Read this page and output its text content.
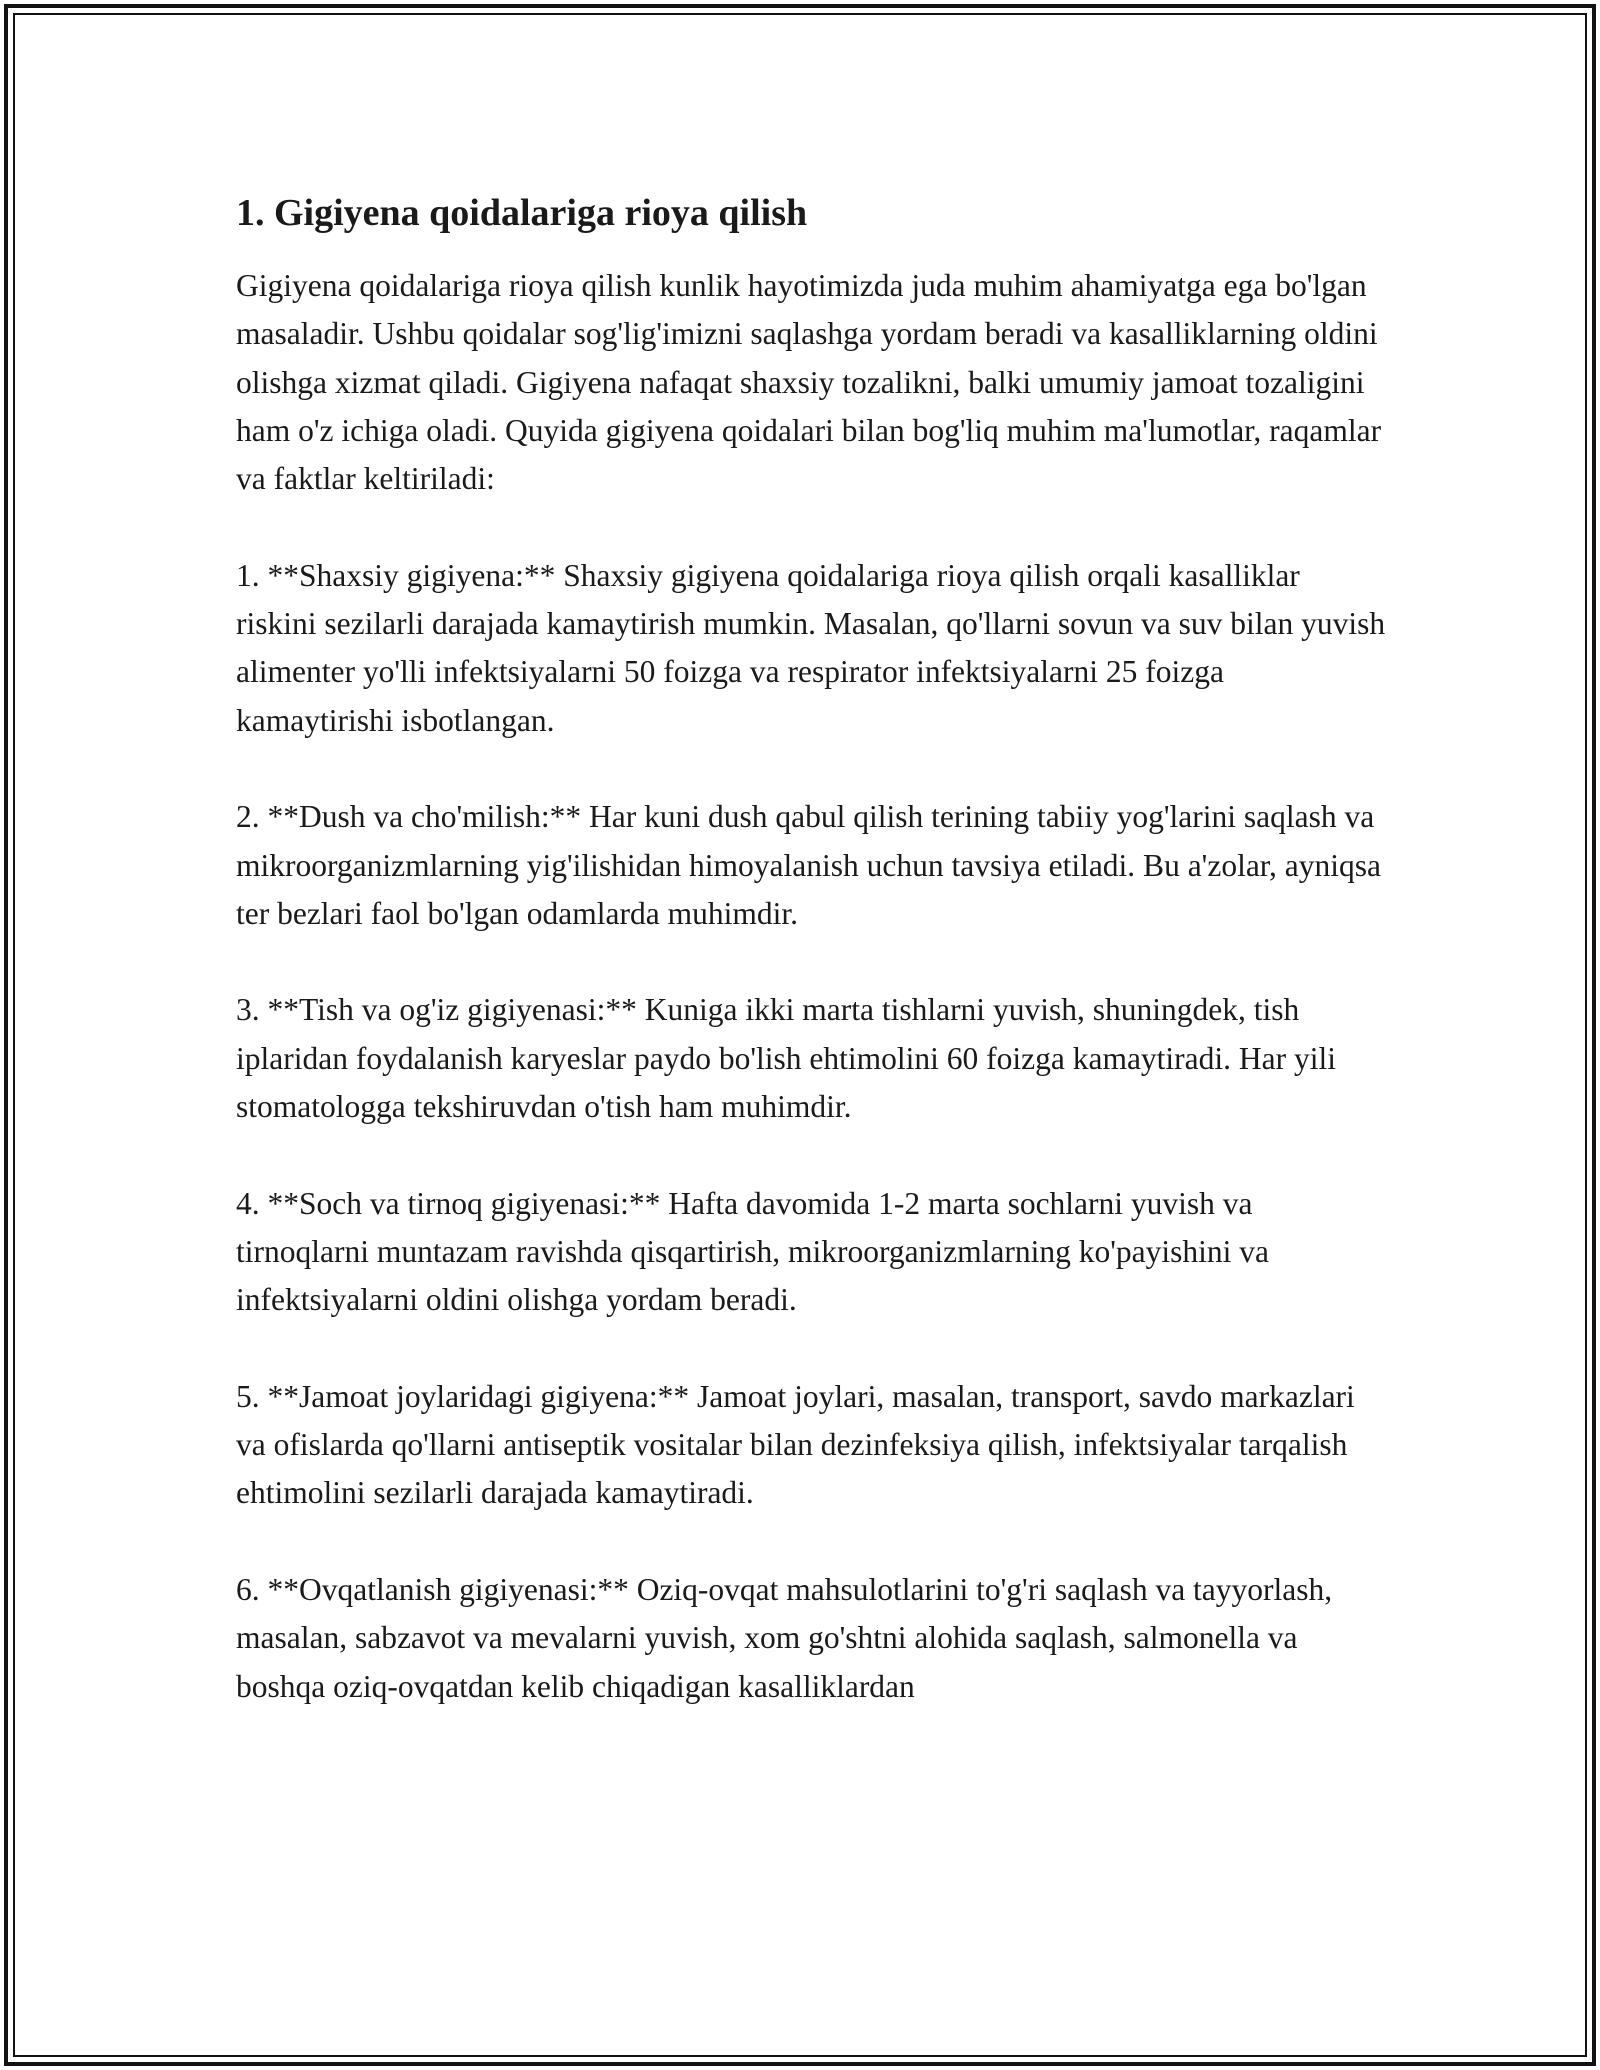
1. Gigiyena qoidalariga rioya qilish

Gigiyena qoidalariga rioya qilish kunlik hayotimizda juda muhim ahamiyatga ega bo'lgan masaladir. Ushbu qoidalar sog'lig'imizni saqlashga yordam beradi va kasalliklarning oldini olishga xizmat qiladi. Gigiyena nafaqat shaxsiy tozalikni, balki umumiy jamoat tozaligini ham o'z ichiga oladi. Quyida gigiyena qoidalari bilan bog'liq muhim ma'lumotlar, raqamlar va faktlar keltiriladi:

1. **Shaxsiy gigiyena:** Shaxsiy gigiyena qoidalariga rioya qilish orqali kasalliklar riskini sezilarli darajada kamaytirish mumkin. Masalan, qo'llarni sovun va suv bilan yuvish alimenter yo'lli infektsiyalarni 50 foizga va respirator infektsiyalarni 25 foizga kamaytirishi isbotlangan.

2. **Dush va cho'milish:** Har kuni dush qabul qilish terining tabiiy yog'larini saqlash va mikroorganizmlarning yig'ilishidan himoyalanish uchun tavsiya etiladi. Bu a'zolar, ayniqsa ter bezlari faol bo'lgan odamlarda muhimdir.

3. **Tish va og'iz gigiyenasi:** Kuniga ikki marta tishlarni yuvish, shuningdek, tish iplaridan foydalanish karyeslar paydo bo'lish ehtimolini 60 foizga kamaytiradi. Har yili stomatologga tekshiruvdan o'tish ham muhimdir.

4. **Soch va tirnoq gigiyenasi:** Hafta davomida 1-2 marta sochlarni yuvish va tirnoqlarni muntazam ravishda qisqartirish, mikroorganizmlarning ko'payishini va infektsiyalarni oldini olishga yordam beradi.

5. **Jamoat joylaridagi gigiyena:** Jamoat joylari, masalan, transport, savdo markazlari va ofislarda qo'llarni antiseptik vositalar bilan dezinfeksiya qilish, infektsiyalar tarqalish ehtimolini sezilarli darajada kamaytiradi.

6. **Ovqatlanish gigiyenasi:** Oziq-ovqat mahsulotlarini to'g'ri saqlash va tayyorlash, masalan, sabzavot va mevalarni yuvish, xom go'shtni alohida saqlash, salmonella va boshqa oziq-ovqatdan kelib chiqadigan kasalliklardan
